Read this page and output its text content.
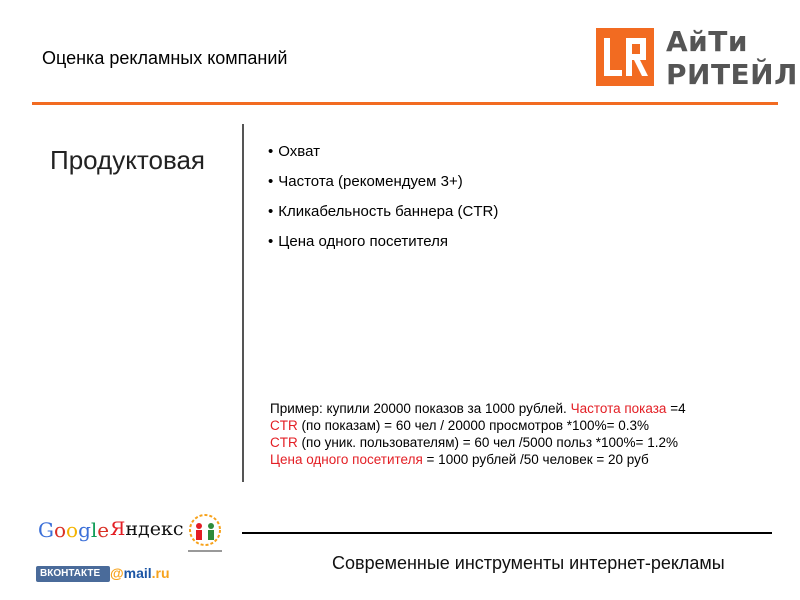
Оценка рекламных компаний	АйТи
РИТЕЙЛ
Продуктовая
•	Охват
• Частота (рекомендуем 3+)
• Кликабельность баннера (CTR)
• Цена одного посетителя
Пример: купили 20000 показов за 1000 рублей. Частота показа =4
CTR (по показам) = 60 чел / 20000 просмотров *100%= 0.3%
CTR (по уник. пользователям) = 60 чел /5000 польз *100%= 1.2%
Цена одного посетителя = 1000 рублей /50 человек = 20 руб
Google Яндекс
ВКОНТАКТЕ @mail.ru	Современные инструменты интернет-рекламы
